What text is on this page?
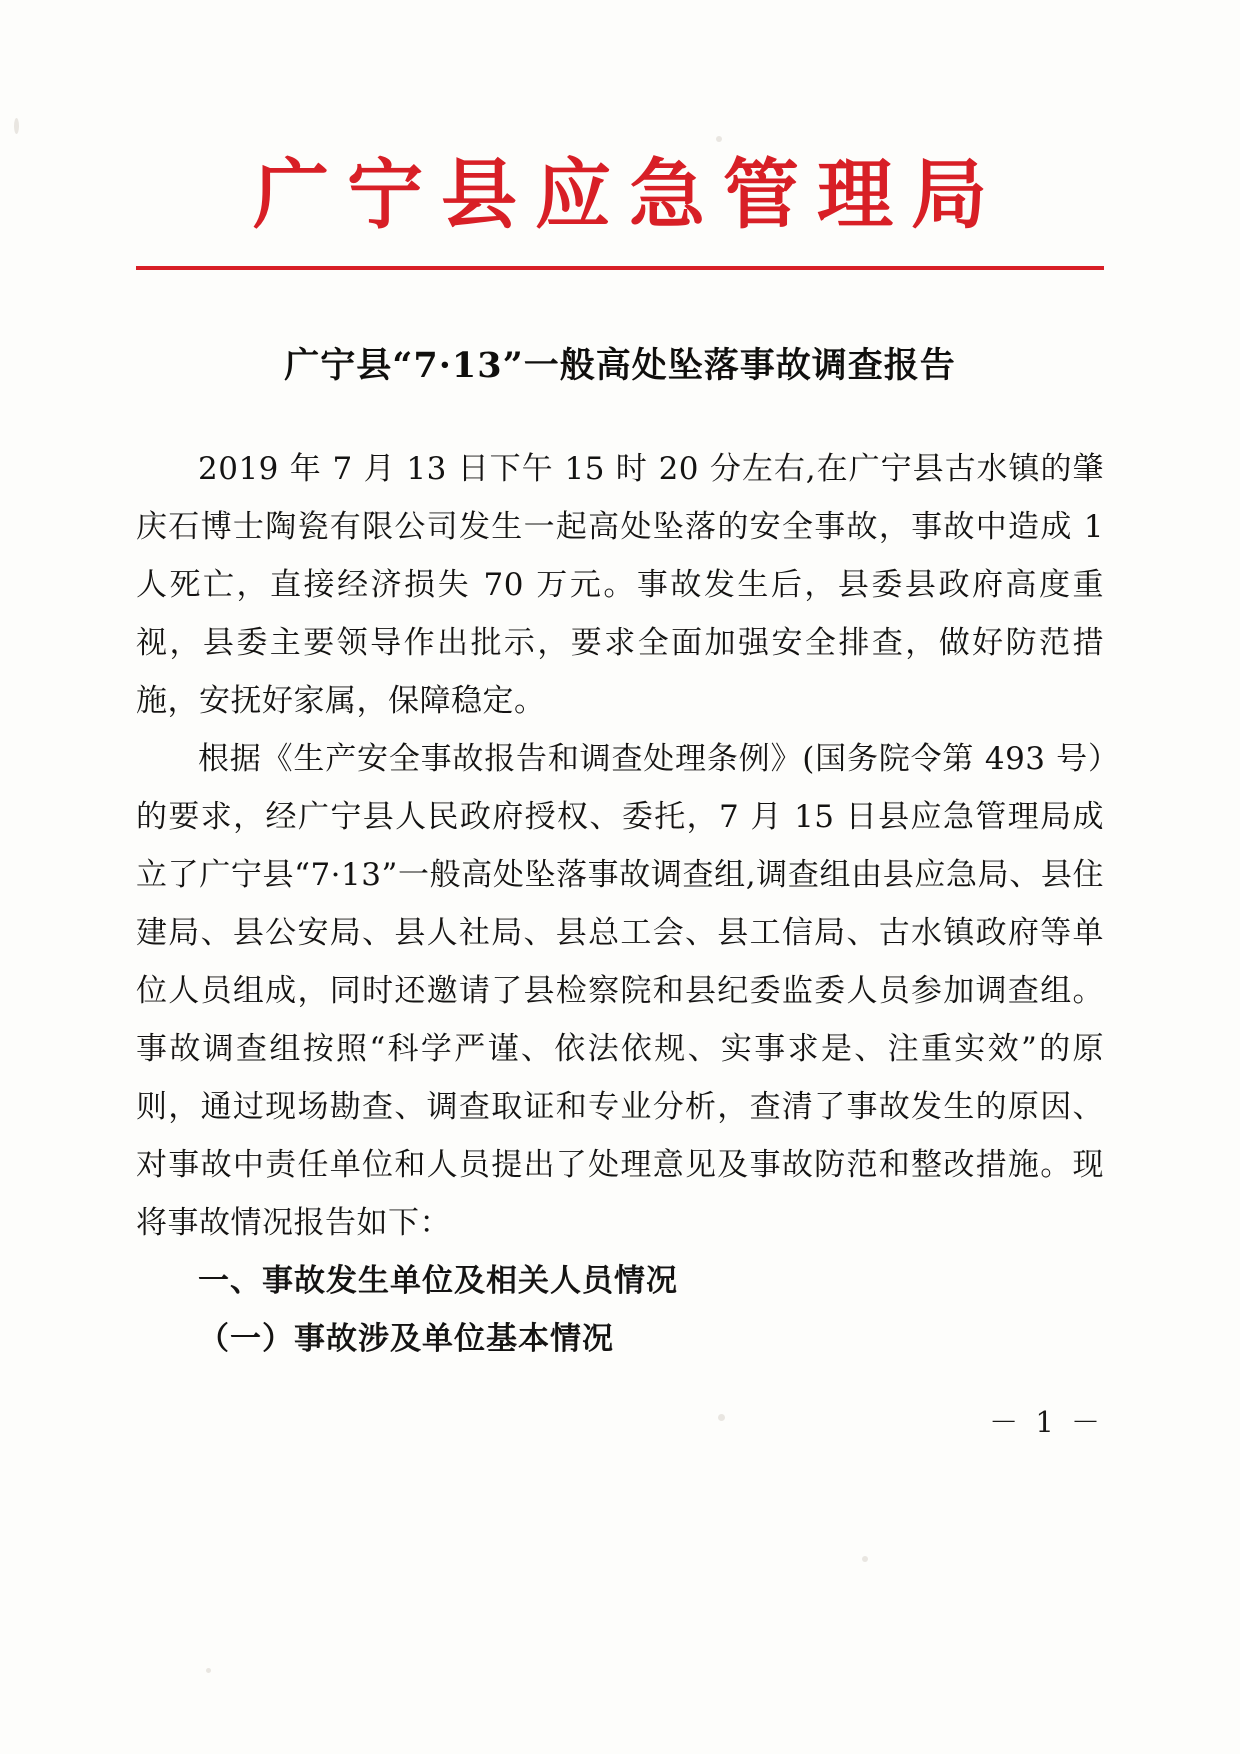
广宁县应急管理局
广宁县“7·13”一般高处坠落事故调查报告

2019 年 7 月 13 日下午 15 时 20 分左右,在广宁县古水镇的肇庆石博士陶瓷有限公司发生一起高处坠落的安全事故，事故中造成 1 人死亡，直接经济损失 70 万元。事故发生后，县委县政府高度重视，县委主要领导作出批示，要求全面加强安全排查，做好防范措施，安抚好家属，保障稳定。

根据《生产安全事故报告和调查处理条例》(国务院令第 493 号）的要求，经广宁县人民政府授权、委托，7 月 15 日县应急管理局成立了广宁县“7·13”一般高处坠落事故调查组,调查组由县应急局、县住建局、县公安局、县人社局、县总工会、县工信局、古水镇政府等单位人员组成，同时还邀请了县检察院和县纪委监委人员参加调查组。事故调查组按照“科学严谨、依法依规、实事求是、注重实效”的原则，通过现场勘查、调查取证和专业分析，查清了事故发生的原因、对事故中责任单位和人员提出了处理意见及事故防范和整改措施。现将事故情况报告如下：

一、事故发生单位及相关人员情况

（一）事故涉及单位基本情况

－ 1 －
